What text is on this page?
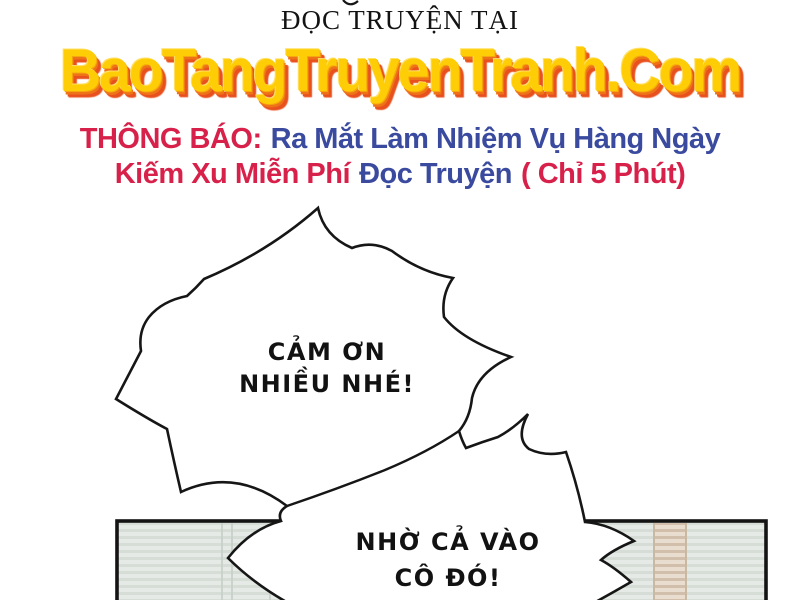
ĐỌC TRUYỆN TẠI
BaoTangTruyenTranh.Com
THÔNG BÁO: Ra Mắt Làm Nhiệm Vụ Hàng Ngày
Kiếm Xu Miễn Phí Đọc Truyện ( Chỉ 5 Phút)
CẢM ƠN
NHIỀU NHÉ!
NHỜ CẢ VÀO
CÔ ĐÓ!
